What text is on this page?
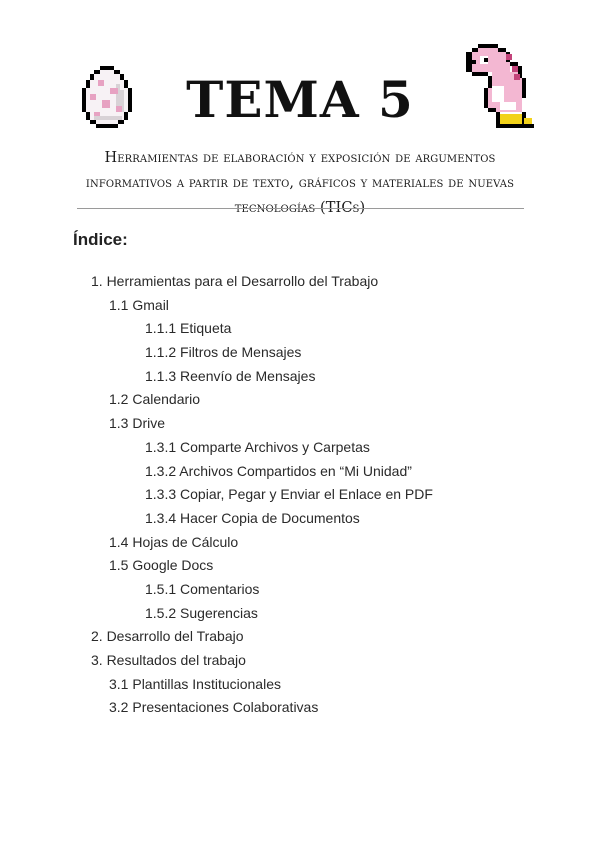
TEMA 5
Herramientas de elaboración y exposición de argumentos informativos a partir de texto, gráficos y materiales de nuevas tecnologías (TICs)
Índice:
1. Herramientas para el Desarrollo del Trabajo
1.1 Gmail
1.1.1 Etiqueta
1.1.2 Filtros de Mensajes
1.1.3 Reenvío de Mensajes
1.2 Calendario
1.3 Drive
1.3.1 Comparte Archivos y Carpetas
1.3.2 Archivos Compartidos en “Mi Unidad”
1.3.3 Copiar, Pegar y Enviar el Enlace en PDF
1.3.4 Hacer Copia de Documentos
1.4 Hojas de Cálculo
1.5 Google Docs
1.5.1 Comentarios
1.5.2 Sugerencias
2. Desarrollo del Trabajo
3. Resultados del trabajo
3.1 Plantillas Institucionales
3.2 Presentaciones Colaborativas
